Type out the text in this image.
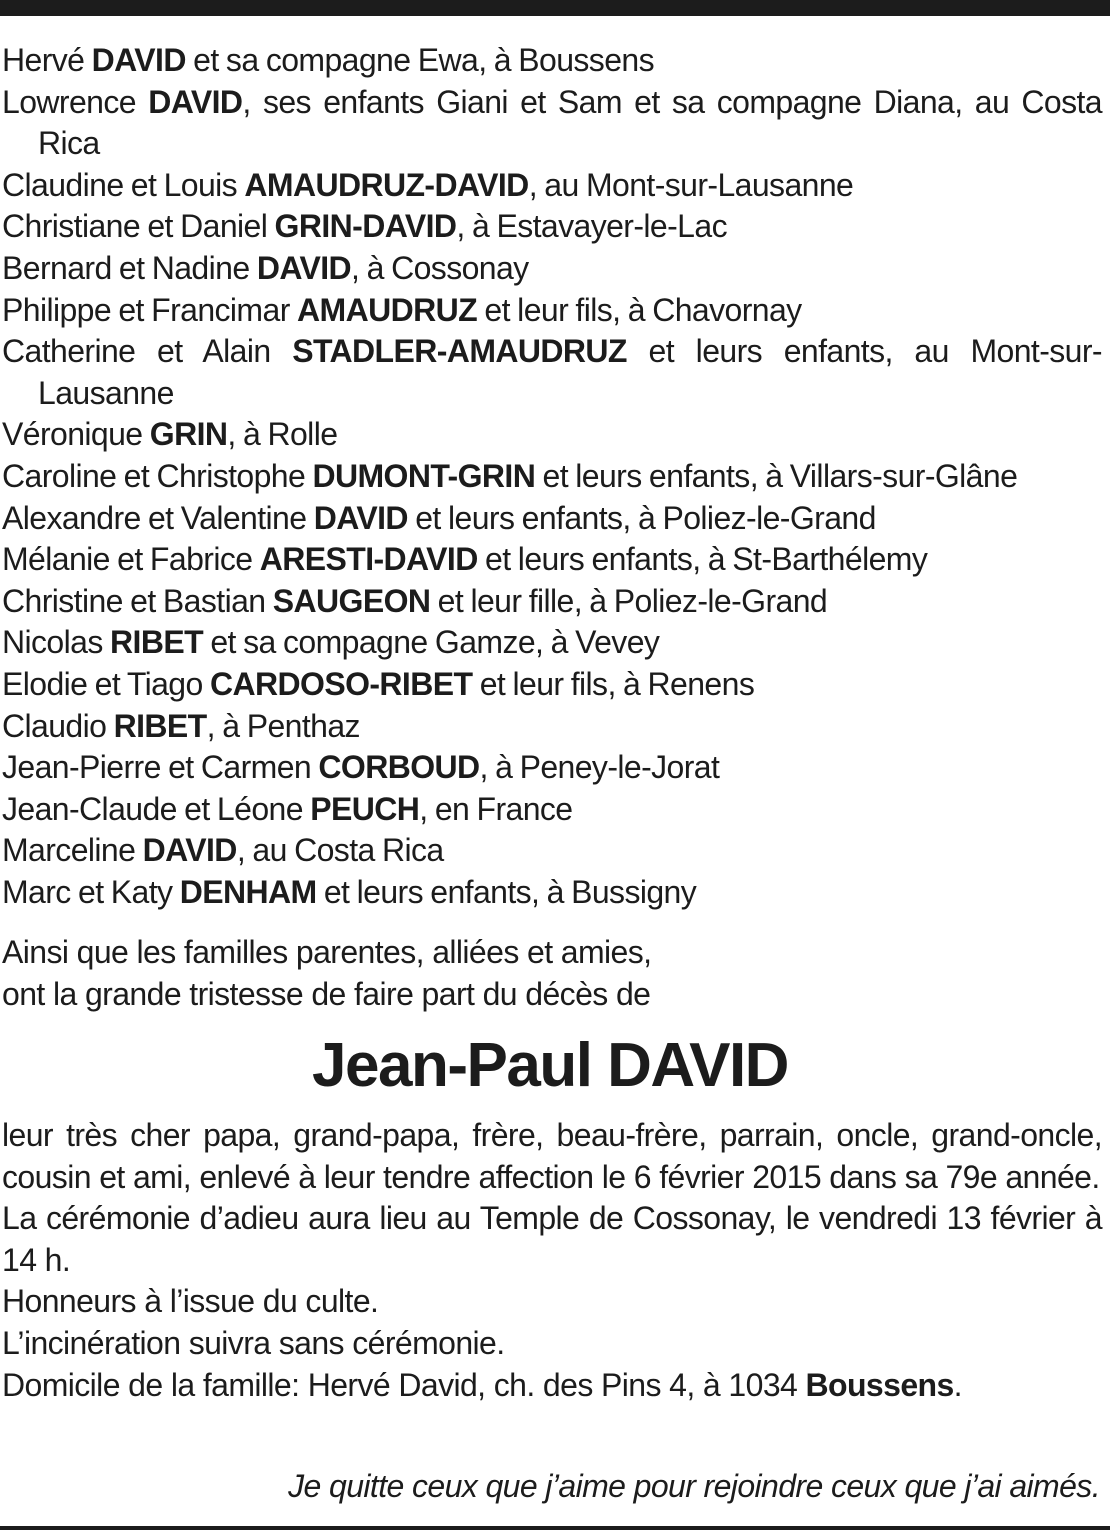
Hervé DAVID et sa compagne Ewa, à Boussens
Lowrence DAVID, ses enfants Giani et Sam et sa compagne Diana, au Costa Rica
Claudine et Louis AMAUDRUZ-DAVID, au Mont-sur-Lausanne
Christiane et Daniel GRIN-DAVID, à Estavayer-le-Lac
Bernard et Nadine DAVID, à Cossonay
Philippe et Francimar AMAUDRUZ et leur fils, à Chavornay
Catherine et Alain STADLER-AMAUDRUZ et leurs enfants, au Mont-sur-Lausanne
Véronique GRIN, à Rolle
Caroline et Christophe DUMONT-GRIN et leurs enfants, à Villars-sur-Glâne
Alexandre et Valentine DAVID et leurs enfants, à Poliez-le-Grand
Mélanie et Fabrice ARESTI-DAVID et leurs enfants, à St-Barthélemy
Christine et Bastian SAUGEON et leur fille, à Poliez-le-Grand
Nicolas RIBET et sa compagne Gamze, à Vevey
Elodie et Tiago CARDOSO-RIBET et leur fils, à Renens
Claudio RIBET, à Penthaz
Jean-Pierre et Carmen CORBOUD, à Peney-le-Jorat
Jean-Claude et Léone PEUCH, en France
Marceline DAVID, au Costa Rica
Marc et Katy DENHAM et leurs enfants, à Bussigny
Ainsi que les familles parentes, alliées et amies,
ont la grande tristesse de faire part du décès de
Jean-Paul DAVID
leur très cher papa, grand-papa, frère, beau-frère, parrain, oncle, grand-oncle, cousin et ami, enlevé à leur tendre affection le 6 février 2015 dans sa 79e année.
La cérémonie d’adieu aura lieu au Temple de Cossonay, le vendredi 13 février à 14 h.
Honneurs à l’issue du culte.
L’incinération suivra sans cérémonie.
Domicile de la famille: Hervé David, ch. des Pins 4, à 1034 Boussens.
Je quitte ceux que j’aime pour rejoindre ceux que j’ai aimés.
